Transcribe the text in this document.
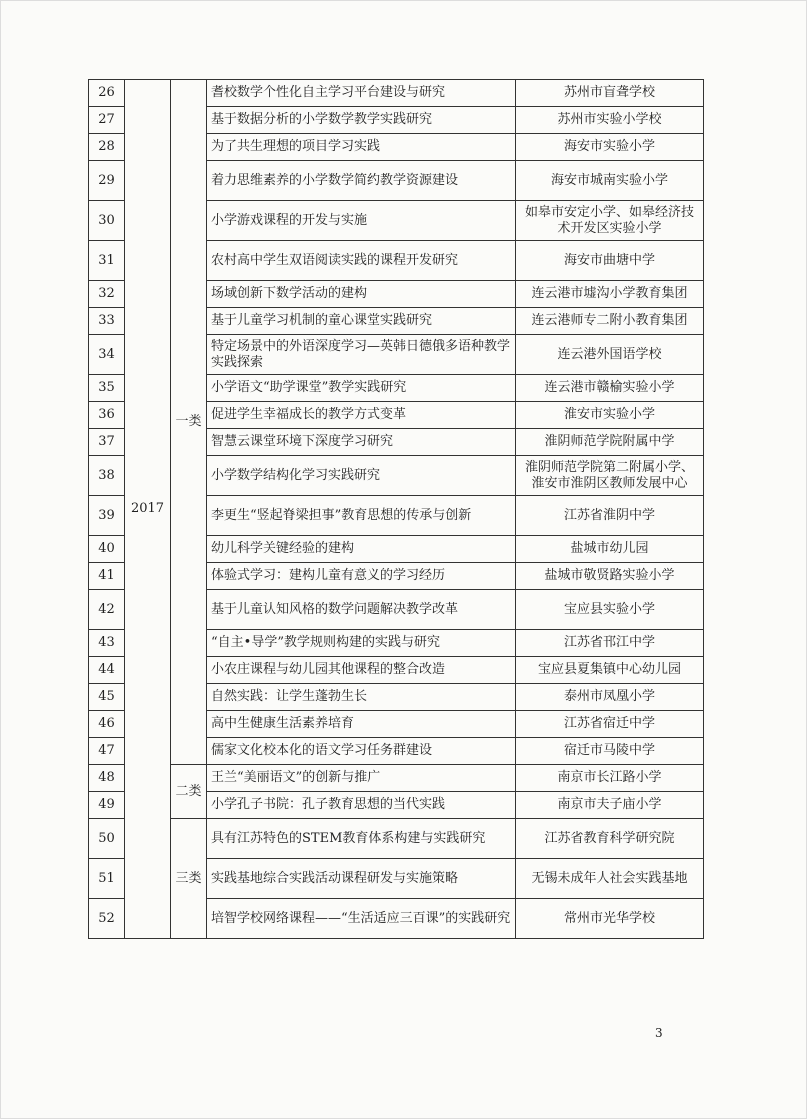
26	2017	一类	耆校数学个性化自主学习平台建设与研究	苏州市盲聋学校
27			基于数据分析的小学数学教学实践研究	苏州市实验小学校
28			为了共生理想的项目学习实践	海安市实验小学
29			着力思维素养的小学数学简约教学资源建设	海安市城南实验小学
30			小学游戏课程的开发与实施	如皋市安定小学、如皋经济技术开发区实验小学
31			农村高中学生双语阅读实践的课程开发研究	海安市曲塘中学
32			场域创新下数学活动的建构	连云港市墟沟小学教育集团
33			基于儿童学习机制的童心课堂实践研究	连云港师专二附小教育集团
34			特定场景中的外语深度学习—英韩日德俄多语种教学实践探索	连云港外国语学校
35			小学语文“助学课堂”教学实践研究	连云港市赣榆实验小学
36			促进学生幸福成长的教学方式变革	淮安市实验小学
37			智慧云课堂环境下深度学习研究	淮阴师范学院附属中学
38			小学数学结构化学习实践研究	淮阴师范学院第二附属小学、淮安市淮阴区教师发展中心
39			李更生“竖起脊梁担事”教育思想的传承与创新	江苏省淮阴中学
40			幼儿科学关键经验的建构	盐城市幼儿园
41			体验式学习：建构儿童有意义的学习经历	盐城市敬贤路实验小学
42			基于儿童认知风格的数学问题解决教学改革	宝应县实验小学
43			“自主•导学”教学规则构建的实践与研究	江苏省邗江中学
44			小农庄课程与幼儿园其他课程的整合改造	宝应县夏集镇中心幼儿园
45			自然实践：让学生蓬勃生长	泰州市凤凰小学
46			高中生健康生活素养培育	江苏省宿迁中学
47			儒家文化校本化的语文学习任务群建设	宿迁市马陵中学
48		二类	王兰“美丽语文”的创新与推广	南京市长江路小学
49			小学孔子书院：孔子教育思想的当代实践	南京市夫子庙小学
50		三类	具有江苏特色的STEM教育体系构建与实践研究	江苏省教育科学研究院
51			实践基地综合实践活动课程研发与实施策略	无锡未成年人社会实践基地
52			培智学校网络课程——“生活适应三百课”的实践研究	常州市光华学校
3
